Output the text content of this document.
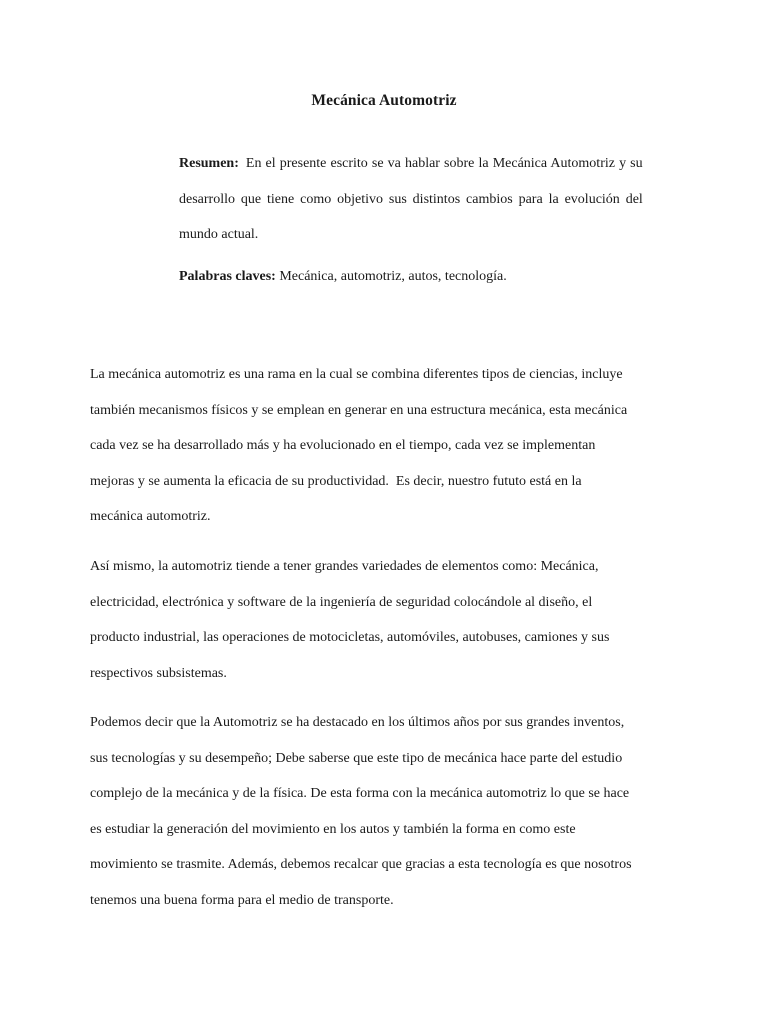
Mecánica Automotriz
Resumen: En el presente escrito se va hablar sobre la Mecánica Automotriz y su
desarrollo que tiene como objetivo sus distintos cambios para la evolución del
mundo actual.
Palabras claves: Mecánica, automotriz, autos, tecnología.
La mecánica automotriz es una rama en la cual se combina diferentes tipos de ciencias, incluye
también mecanismos físicos y se emplean en generar en una estructura mecánica, esta mecánica
cada vez se ha desarrollado más y ha evolucionado en el tiempo, cada vez se implementan
mejoras y se aumenta la eficacia de su productividad.  Es decir, nuestro fututo está en la
mecánica automotriz.
Así mismo, la automotriz tiende a tener grandes variedades de elementos como: Mecánica,
electricidad, electrónica y software de la ingeniería de seguridad colocándole al diseño, el
producto industrial, las operaciones de motocicletas, automóviles, autobuses, camiones y sus
respectivos subsistemas.
Podemos decir que la Automotriz se ha destacado en los últimos años por sus grandes inventos,
sus tecnologías y su desempeño; Debe saberse que este tipo de mecánica hace parte del estudio
complejo de la mecánica y de la física. De esta forma con la mecánica automotriz lo que se hace
es estudiar la generación del movimiento en los autos y también la forma en como este
movimiento se trasmite. Además, debemos recalcar que gracias a esta tecnología es que nosotros
tenemos una buena forma para el medio de transporte.
